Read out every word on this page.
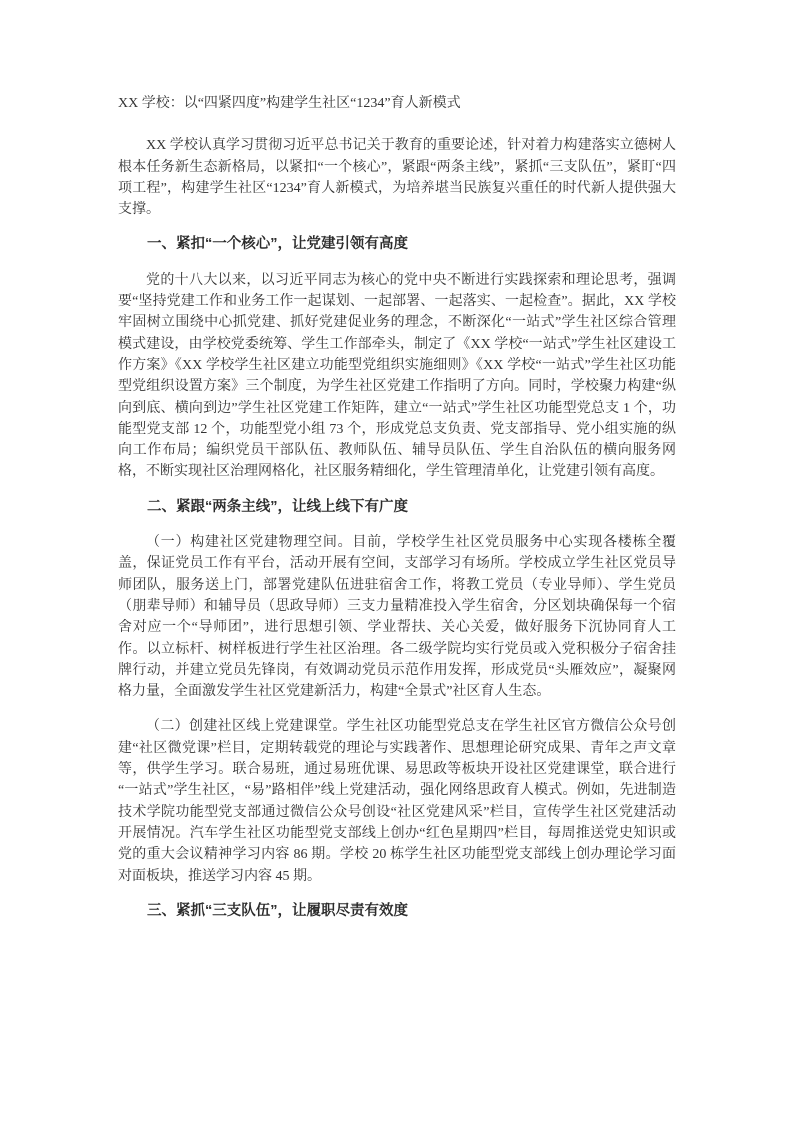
XX 学校：以“四紧四度”构建学生社区“1234”育人新模式

XX 学校认真学习贯彻习近平总书记关于教育的重要论述，针对着力构建落实立德树人根本任务新生态新格局，以紧扣“一个核心”，紧跟“两条主线”，紧抓“三支队伍”，紧盯“四项工程”，构建学生社区“1234”育人新模式，为培养堪当民族复兴重任的时代新人提供强大支撑。

一、紧扣“一个核心”，让党建引领有高度

党的十八大以来，以习近平同志为核心的党中央不断进行实践探索和理论思考，强调要“坚持党建工作和业务工作一起谋划、一起部署、一起落实、一起检查”。据此，XX 学校牢固树立围绕中心抓党建、抓好党建促业务的理念，不断深化“一站式”学生社区综合管理模式建设，由学校党委统筹、学生工作部牵头，制定了《XX 学校“一站式”学生社区建设工作方案》《XX 学校学生社区建立功能型党组织实施细则》《XX 学校“一站式”学生社区功能型党组织设置方案》三个制度，为学生社区党建工作指明了方向。同时，学校聚力构建“纵向到底、横向到边”学生社区党建工作矩阵，建立“一站式”学生社区功能型党总支 1 个，功能型党支部 12 个，功能型党小组 73 个，形成党总支负责、党支部指导、党小组实施的纵向工作布局；编织党员干部队伍、教师队伍、辅导员队伍、学生自治队伍的横向服务网格，不断实现社区治理网格化，社区服务精细化，学生管理清单化，让党建引领有高度。

二、紧跟“两条主线”，让线上线下有广度

（一）构建社区党建物理空间。目前，学校学生社区党员服务中心实现各楼栋全覆盖，保证党员工作有平台，活动开展有空间，支部学习有场所。学校成立学生社区党员导师团队，服务送上门，部署党建队伍进驻宿舍工作，将教工党员（专业导师）、学生党员（朋辈导师）和辅导员（思政导师）三支力量精准投入学生宿舍，分区划块确保每一个宿舍对应一个“导师团”，进行思想引领、学业帮扶、关心关爱，做好服务下沉协同育人工作。以立标杆、树样板进行学生社区治理。各二级学院均实行党员或入党积极分子宿舍挂牌行动，并建立党员先锋岗，有效调动党员示范作用发挥，形成党员“头雁效应”，凝聚网格力量，全面激发学生社区党建新活力，构建“全景式”社区育人生态。

（二）创建社区线上党建课堂。学生社区功能型党总支在学生社区官方微信公众号创建“社区微党课”栏目，定期转载党的理论与实践著作、思想理论研究成果、青年之声文章等，供学生学习。联合易班，通过易班优课、易思政等板块开设社区党建课堂，联合进行“一站式”学生社区，“易”路相伴”线上党建活动，强化网络思政育人模式。例如，先进制造技术学院功能型党支部通过微信公众号创设“社区党建风采”栏目，宣传学生社区党建活动开展情况。汽车学生社区功能型党支部线上创办“红色星期四”栏目，每周推送党史知识或党的重大会议精神学习内容 86 期。学校 20 栋学生社区功能型党支部线上创办理论学习面对面板块，推送学习内容 45 期。

三、紧抓“三支队伍”，让履职尽责有效度
